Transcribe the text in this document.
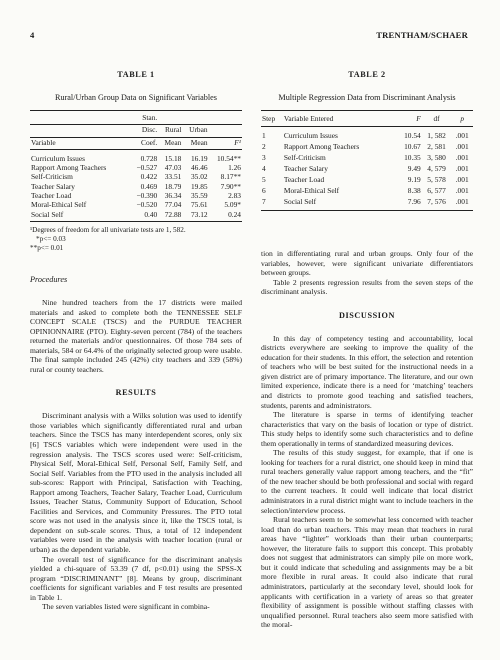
4	TRENTHAM/SCHAER
TABLE 1
Rural/Urban Group Data on Significant Variables
	Stan.			
	Disc.	Rural	Urban	
Variable	Coef.	Mean	Mean	F¹
Curriculum Issues	0.728	15.18	16.19	10.54**
Rapport Among Teachers	−0.527	47.03	46.46	1.26
Self-Criticism	0.422	33.51	35.02	8.17**
Teacher Salary	0.469	18.79	19.85	7.90**
Teacher Load	−0.390	36.34	35.59	2.83
Moral-Ethical Self	−0.520	77.04	75.61	5.09*
Social Self	0.40	72.88	73.12	0.24
¹Degrees of freedom for all univariate tests are 1, 582.
*p<= 0.03
**p<= 0.01
Procedures

Nine hundred teachers from the 17 districts were mailed materials and asked to complete both the TENNESSEE SELF CONCEPT SCALE (TSCS) and the PURDUE TEACHER OPINIONNAIRE (PTO). Eighty-seven percent (784) of the teachers returned the materials and/or questionnaires. Of those 784 sets of materials, 584 or 64.4% of the originally selected group were usable. The final sample included 245 (42%) city teachers and 339 (58%) rural or county teachers.

RESULTS

Discriminant analysis with a Wilks solution was used to identify those variables which significantly differentiated rural and urban teachers. Since the TSCS has many interdependent scores, only six [6] TSCS variables which were independent were used in the regression analysis. The TSCS scores used were: Self-criticism, Physical Self, Moral-Ethical Self, Personal Self, Family Self, and Social Self. Variables from the PTO used in the analysis included all sub-scores: Rapport with Principal, Satisfaction with Teaching, Rapport among Teachers, Teacher Salary, Teacher Load, Curriculum Issues, Teacher Status, Community Support of Education, School Facilities and Services, and Community Pressures. The PTO total score was not used in the analysis since it, like the TSCS total, is dependent on sub-scale scores. Thus, a total of 12 independent variables were used in the analysis with teacher location (rural or urban) as the dependent variable.

The overall test of significance for the discriminant analysis yielded a chi-square of 53.39 (7 df, p<0.01) using the SPSS-X program “DISCRIMINANT” [8]. Means by group, discriminant coefficients for significant variables and F test results are presented in Table 1.

The seven variables listed were significant in combina-

TABLE 2
Multiple Regression Data from Discriminant Analysis
Step	Variable Entered	F	df	p
1	Curriculum Issues	10.54	1, 582	.001
2	Rapport Among Teachers	10.67	2, 581	.001
3	Self-Criticism	10.35	3, 580	.001
4	Teacher Salary	9.49	4, 579	.001
5	Teacher Load	9.19	5, 578	.001
6	Moral-Ethical Self	8.38	6, 577	.001
7	Social Self	7.96	7, 576	.001

tion in differentiating rural and urban groups. Only four of the variables, however, were significant univariate differentiators between groups.

Table 2 presents regression results from the seven steps of the discriminant analysis.

DISCUSSION

In this day of competency testing and accountability, local districts everywhere are seeking to improve the quality of the education for their students. In this effort, the selection and retention of teachers who will be best suited for the instructional needs in a given district are of primary importance. The literature, and our own limited experience, indicate there is a need for ‘matching’ teachers and districts to promote good teaching and satisfied teachers, students, parents and administrators.

The literature is sparse in terms of identifying teacher characteristics that vary on the basis of location or type of district. This study helps to identify some such characteristics and to define them operationally in terms of standardized measuring devices.

The results of this study suggest, for example, that if one is looking for teachers for a rural district, one should keep in mind that rural teachers generally value rapport among teachers, and the “fit” of the new teacher should be both professional and social with regard to the current teachers. It could well indicate that local district administrators in a rural district might want to include teachers in the selection/interview process.

Rural teachers seem to be somewhat less concerned with teacher load than do urban teachers. This may mean that teachers in rural areas have “lighter” workloads than their urban counterparts; however, the literature fails to support this concept. This probably does not suggest that administrators can simply pile on more work, but it could indicate that scheduling and assignments may be a bit more flexible in rural areas. It could also indicate that rural administrators, particularly at the secondary level, should look for applicants with certification in a variety of areas so that greater flexibility of assignment is possible without staffing classes with unqualified personnel. Rural teachers also seem more satisfied with the moral-
